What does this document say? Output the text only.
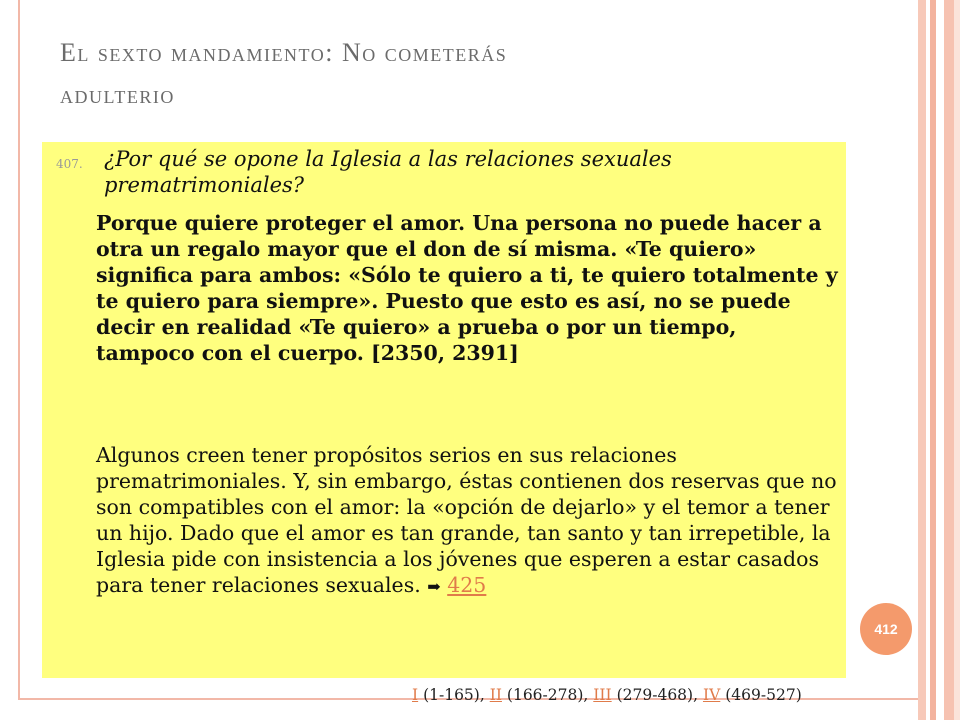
El sexto mandamiento: No cometerás
adulterio
407. ¿Por qué se opone la Iglesia a las relaciones sexuales prematrimoniales?
Porque quiere proteger el amor. Una persona no puede hacer a otra un regalo mayor que el don de sí misma. «Te quiero» significa para ambos: «Sólo te quiero a ti, te quiero totalmente y te quiero para siempre». Puesto que esto es así, no se puede decir en realidad «Te quiero» a prueba o por un tiempo, tampoco con el cuerpo. [2350, 2391]
Algunos creen tener propósitos serios en sus relaciones prematrimoniales. Y, sin embargo, éstas contienen dos reservas que no son compatibles con el amor: la «opción de dejarlo» y el temor a tener un hijo. Dado que el amor es tan grande, tan santo y tan irrepetible, la Iglesia pide con insistencia a los jóvenes que esperen a estar casados para tener relaciones sexuales. ➡ 425
412
I (1-165), II (166-278), III (279-468), IV (469-527)
